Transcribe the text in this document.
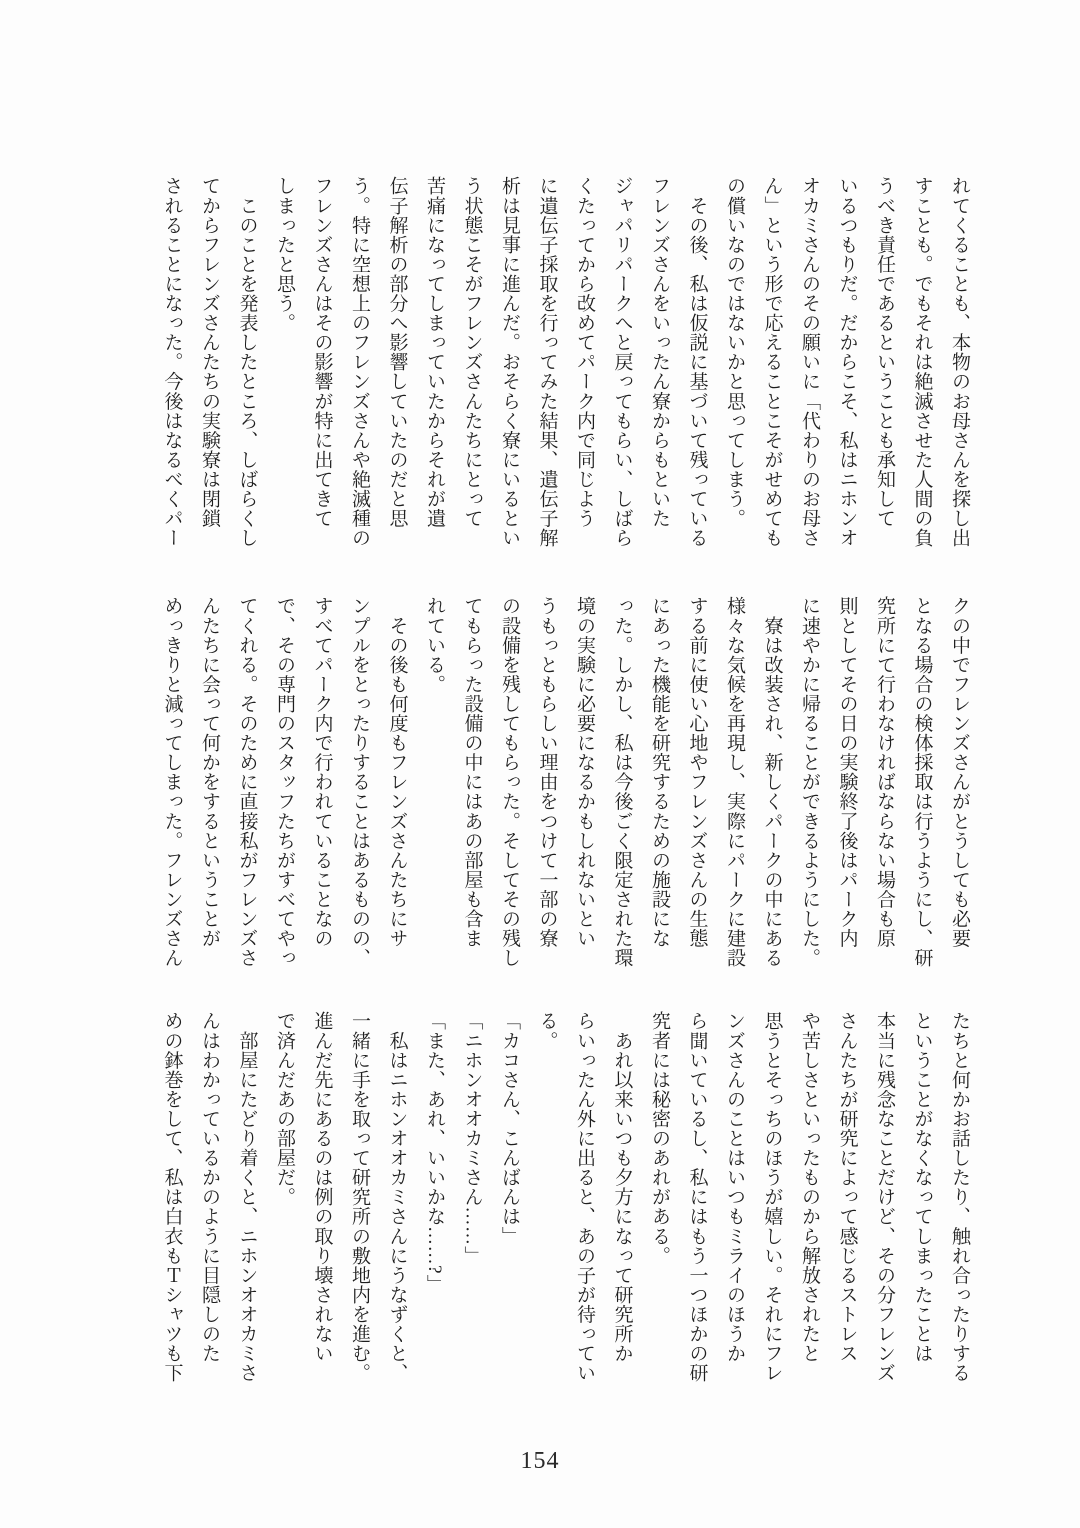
れてくることも、本物のお母さんを探し出
すことも。でもそれは絶滅させた人間の負
うべき責任であるということも承知して
いるつもりだ。だからこそ、私はニホンオ
オカミさんのその願いに「代わりのお母さ
ん」という形で応えることこそがせめても
の償いなのではないかと思ってしまう。
　その後、私は仮説に基づいて残っている
フレンズさんをいったん寮からもといた
ジャパリパークへと戻ってもらい、しばら
くたってから改めてパーク内で同じよう
に遺伝子採取を行ってみた結果、遺伝子解
析は見事に進んだ。おそらく寮にいるとい
う状態こそがフレンズさんたちにとって
苦痛になってしまっていたからそれが遺
伝子解析の部分へ影響していたのだと思
う。特に空想上のフレンズさんや絶滅種の
フレンズさんはその影響が特に出てきて
しまったと思う。
　このことを発表したところ、しばらくし
てからフレンズさんたちの実験寮は閉鎖
されることになった。今後はなるべくパー
クの中でフレンズさんがとうしても必要
となる場合の検体採取は行うようにし、研
究所にて行わなければならない場合も原
則としてその日の実験終了後はパーク内
に速やかに帰ることができるようにした。
　寮は改装され、新しくパークの中にある
様々な気候を再現し、実際にパークに建設
する前に使い心地やフレンズさんの生態
にあった機能を研究するための施設にな
った。しかし、私は今後ごく限定された環
境の実験に必要になるかもしれないとい
うもっともらしい理由をつけて一部の寮
の設備を残してもらった。そしてその残し
てもらった設備の中にはあの部屋も含ま
れている。
　その後も何度もフレンズさんたちにサ
ンプルをとったりすることはあるものの、
すべてパーク内で行われていることなの
で、その専門のスタッフたちがすべてやっ
てくれる。そのために直接私がフレンズさ
んたちに会って何かをするということが
めっきりと減ってしまった。フレンズさん
たちと何かお話したり、触れ合ったりする
ということがなくなってしまったことは
本当に残念なことだけど、その分フレンズ
さんたちが研究によって感じるストレス
や苦しさといったものから解放されたと
思うとそっちのほうが嬉しい。それにフレ
ンズさんのことはいつもミライのほうか
ら聞いているし、私にはもう一つほかの研
究者には秘密のあれがある。
　あれ以来いつも夕方になって研究所か
らいったん外に出ると、あの子が待ってい
る。
「カコさん、こんばんは」
「ニホンオオカミさん……」
「また、あれ、いいかな……?」
　私はニホンオオカミさんにうなずくと、
一緒に手を取って研究所の敷地内を進む。
進んだ先にあるのは例の取り壊されない
で済んだあの部屋だ。
　部屋にたどり着くと、ニホンオオカミさ
んはわかっているかのように目隠しのた
めの鉢巻をして、私は白衣もＴシャツも下
154
